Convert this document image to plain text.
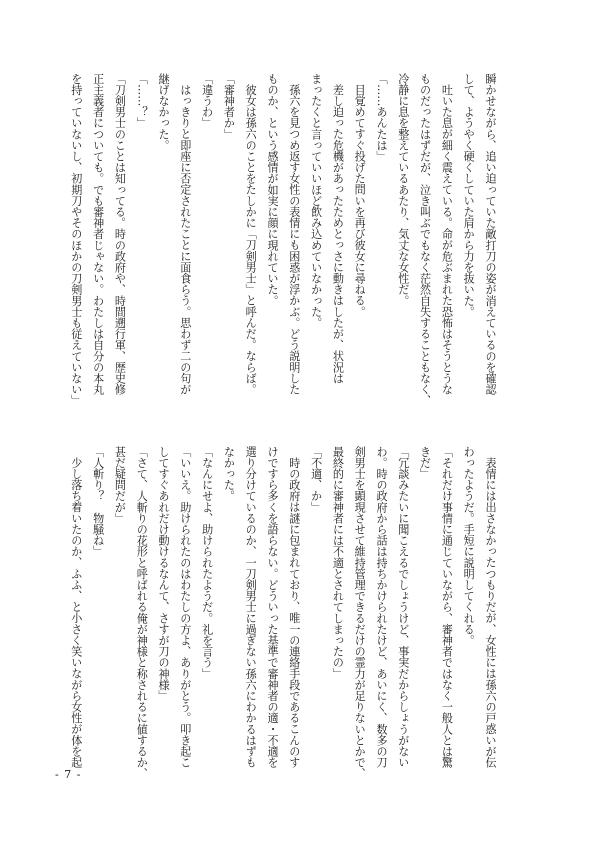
瞬かせながら、追い迫っていた敵打刀の姿が消えているのを確認

して、ようやく硬くしていた肩から力を抜いた。

吐いた息が細く震えている。命が危ぶまれた恐怖はそうとうな

ものだったはずだが、泣き叫ぶでもなく茫然自失することもなく、

冷静に息を整えているあたり、気丈な女性だ。

「……あんたは」

目覚めてすぐ投げた問いを再び彼女に尋ねる。

差し迫った危機があったためとっさに動きはしたが、状況は

まったくと言っていいほど飲み込めていなかった。

孫六を見つめ返す女性の表情にも困惑が浮かぶ。どう説明した

ものか、という感情が如実に顔に現れていた。

彼女は孫六のことをたしかに「刀剣男士」と呼んだ。ならば。

「審神者か」

「違うわ」

はっきりと即座に否定されたことに面食らう。思わず二の句が

継げなかった。

「……？」

「刀剣男士のことは知ってる。時の政府や、時間遡行軍、歴史修

正主義者についても。でも審神者じゃない。わたしは自分の本丸

を持っていないし、初期刀やそのほかの刀剣男士も従えていない」

表情には出さなかったつもりだが、女性には孫六の戸惑いが伝

わったようだ。手短に説明してくれる。

「それだけ事情に通じていながら、審神者ではなく一般人とは驚

きだ」

「冗談みたいに聞こえるでしょうけど、事実だからしょうがない

わ。時の政府から話は持ちかけられたけど、あいにく、数多の刀

剣男士を顕現させて維持管理できるだけの霊力が足りないとかで、

最終的に審神者には不適とされてしまったの」

「不適、か」

時の政府は謎に包まれており、唯一の連絡手段であるこんのす

けですら多くを語らない。どういった基準で審神者の適・不適を

選り分けているのか、一刀剣男士に過ぎない孫六にわかるはずも

なかった。

「なんにせよ、助けられたようだ。礼を言う」

「いいえ。助けられたのはわたしの方よ、ありがとう。叩き起こ

してすぐあれだけ動けるなんて、さすが刀の神様」

「さて、人斬りの花形と呼ばれる俺が神様と称されるに値するか、

甚だ疑問だが」

「人斬り？　物騒ね」

少し落ち着いたのか、ふふ、と小さく笑いながら女性が体を起

- 7 -
